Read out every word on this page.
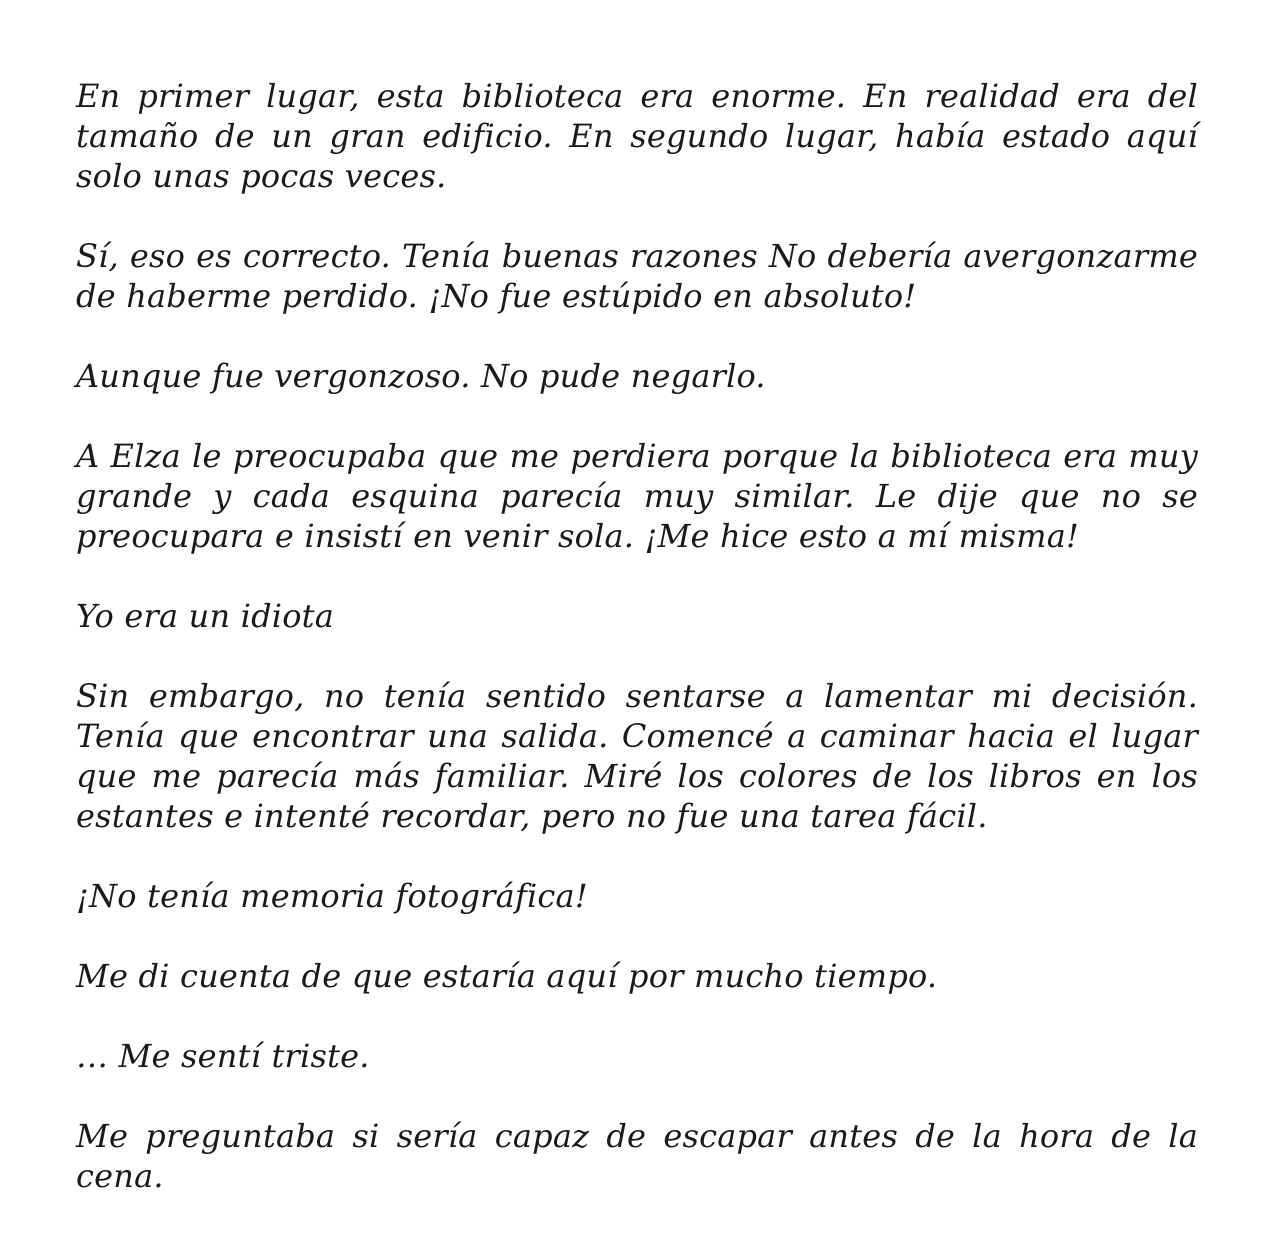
En primer lugar, esta biblioteca era enorme. En realidad era del tamaño de un gran edificio. En segundo lugar, había estado aquí solo unas pocas veces.

Sí, eso es correcto. Tenía buenas razones No debería avergonzarme de haberme perdido. ¡No fue estúpido en absoluto!

Aunque fue vergonzoso. No pude negarlo.

A Elza le preocupaba que me perdiera porque la biblioteca era muy grande y cada esquina parecía muy similar. Le dije que no se preocupara e insistí en venir sola. ¡Me hice esto a mí misma!

Yo era un idiota

Sin embargo, no tenía sentido sentarse a lamentar mi decisión. Tenía que encontrar una salida. Comencé a caminar hacia el lugar que me parecía más familiar. Miré los colores de los libros en los estantes e intenté recordar, pero no fue una tarea fácil.

¡No tenía memoria fotográfica!

Me di cuenta de que estaría aquí por mucho tiempo.

… Me sentí triste.

Me preguntaba si sería capaz de escapar antes de la hora de la cena.
